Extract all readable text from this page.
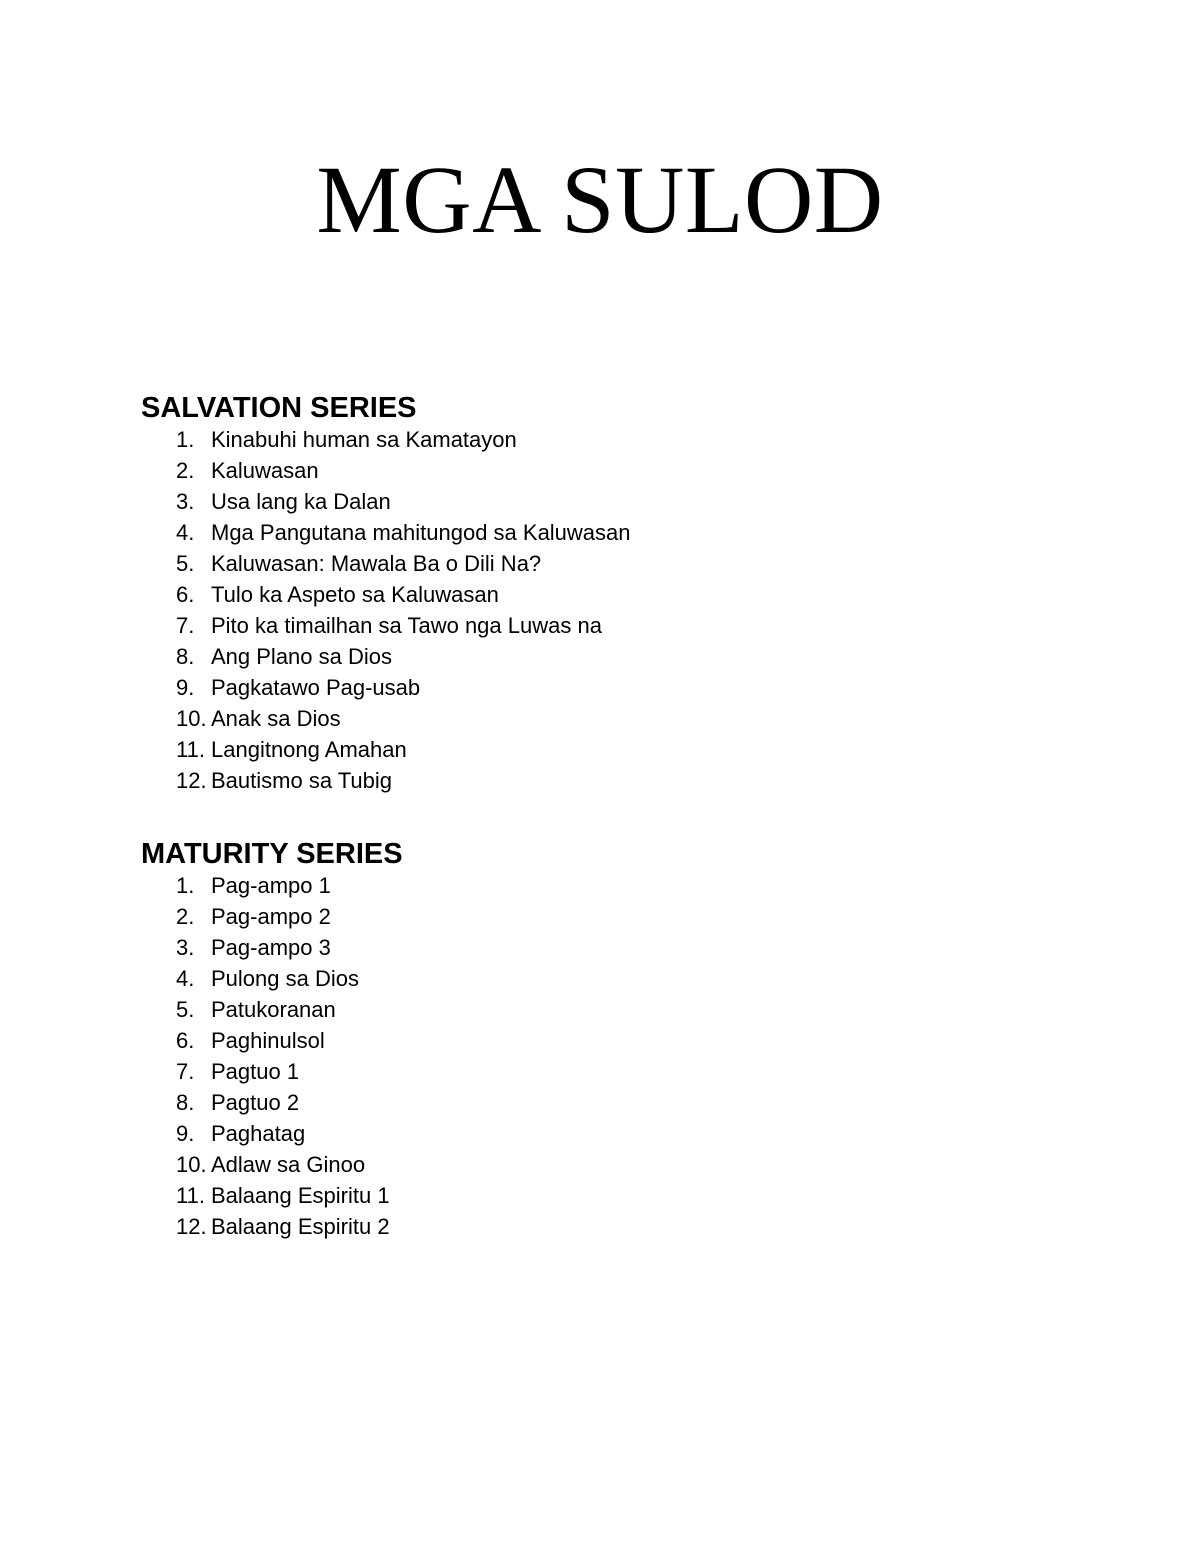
MGA SULOD
SALVATION SERIES
1. Kinabuhi human sa Kamatayon
2. Kaluwasan
3. Usa lang ka Dalan
4. Mga Pangutana mahitungod sa Kaluwasan
5. Kaluwasan: Mawala Ba o Dili Na?
6. Tulo ka Aspeto sa Kaluwasan
7. Pito ka timailhan sa Tawo nga Luwas na
8. Ang Plano sa Dios
9. Pagkatawo Pag-usab
10. Anak sa Dios
11. Langitnong Amahan
12. Bautismo sa Tubig
MATURITY SERIES
1. Pag-ampo 1
2. Pag-ampo 2
3. Pag-ampo 3
4. Pulong sa Dios
5. Patukoranan
6. Paghinulsol
7. Pagtuo 1
8. Pagtuo 2
9. Paghatag
10. Adlaw sa Ginoo
11. Balaang Espiritu 1
12. Balaang Espiritu 2
